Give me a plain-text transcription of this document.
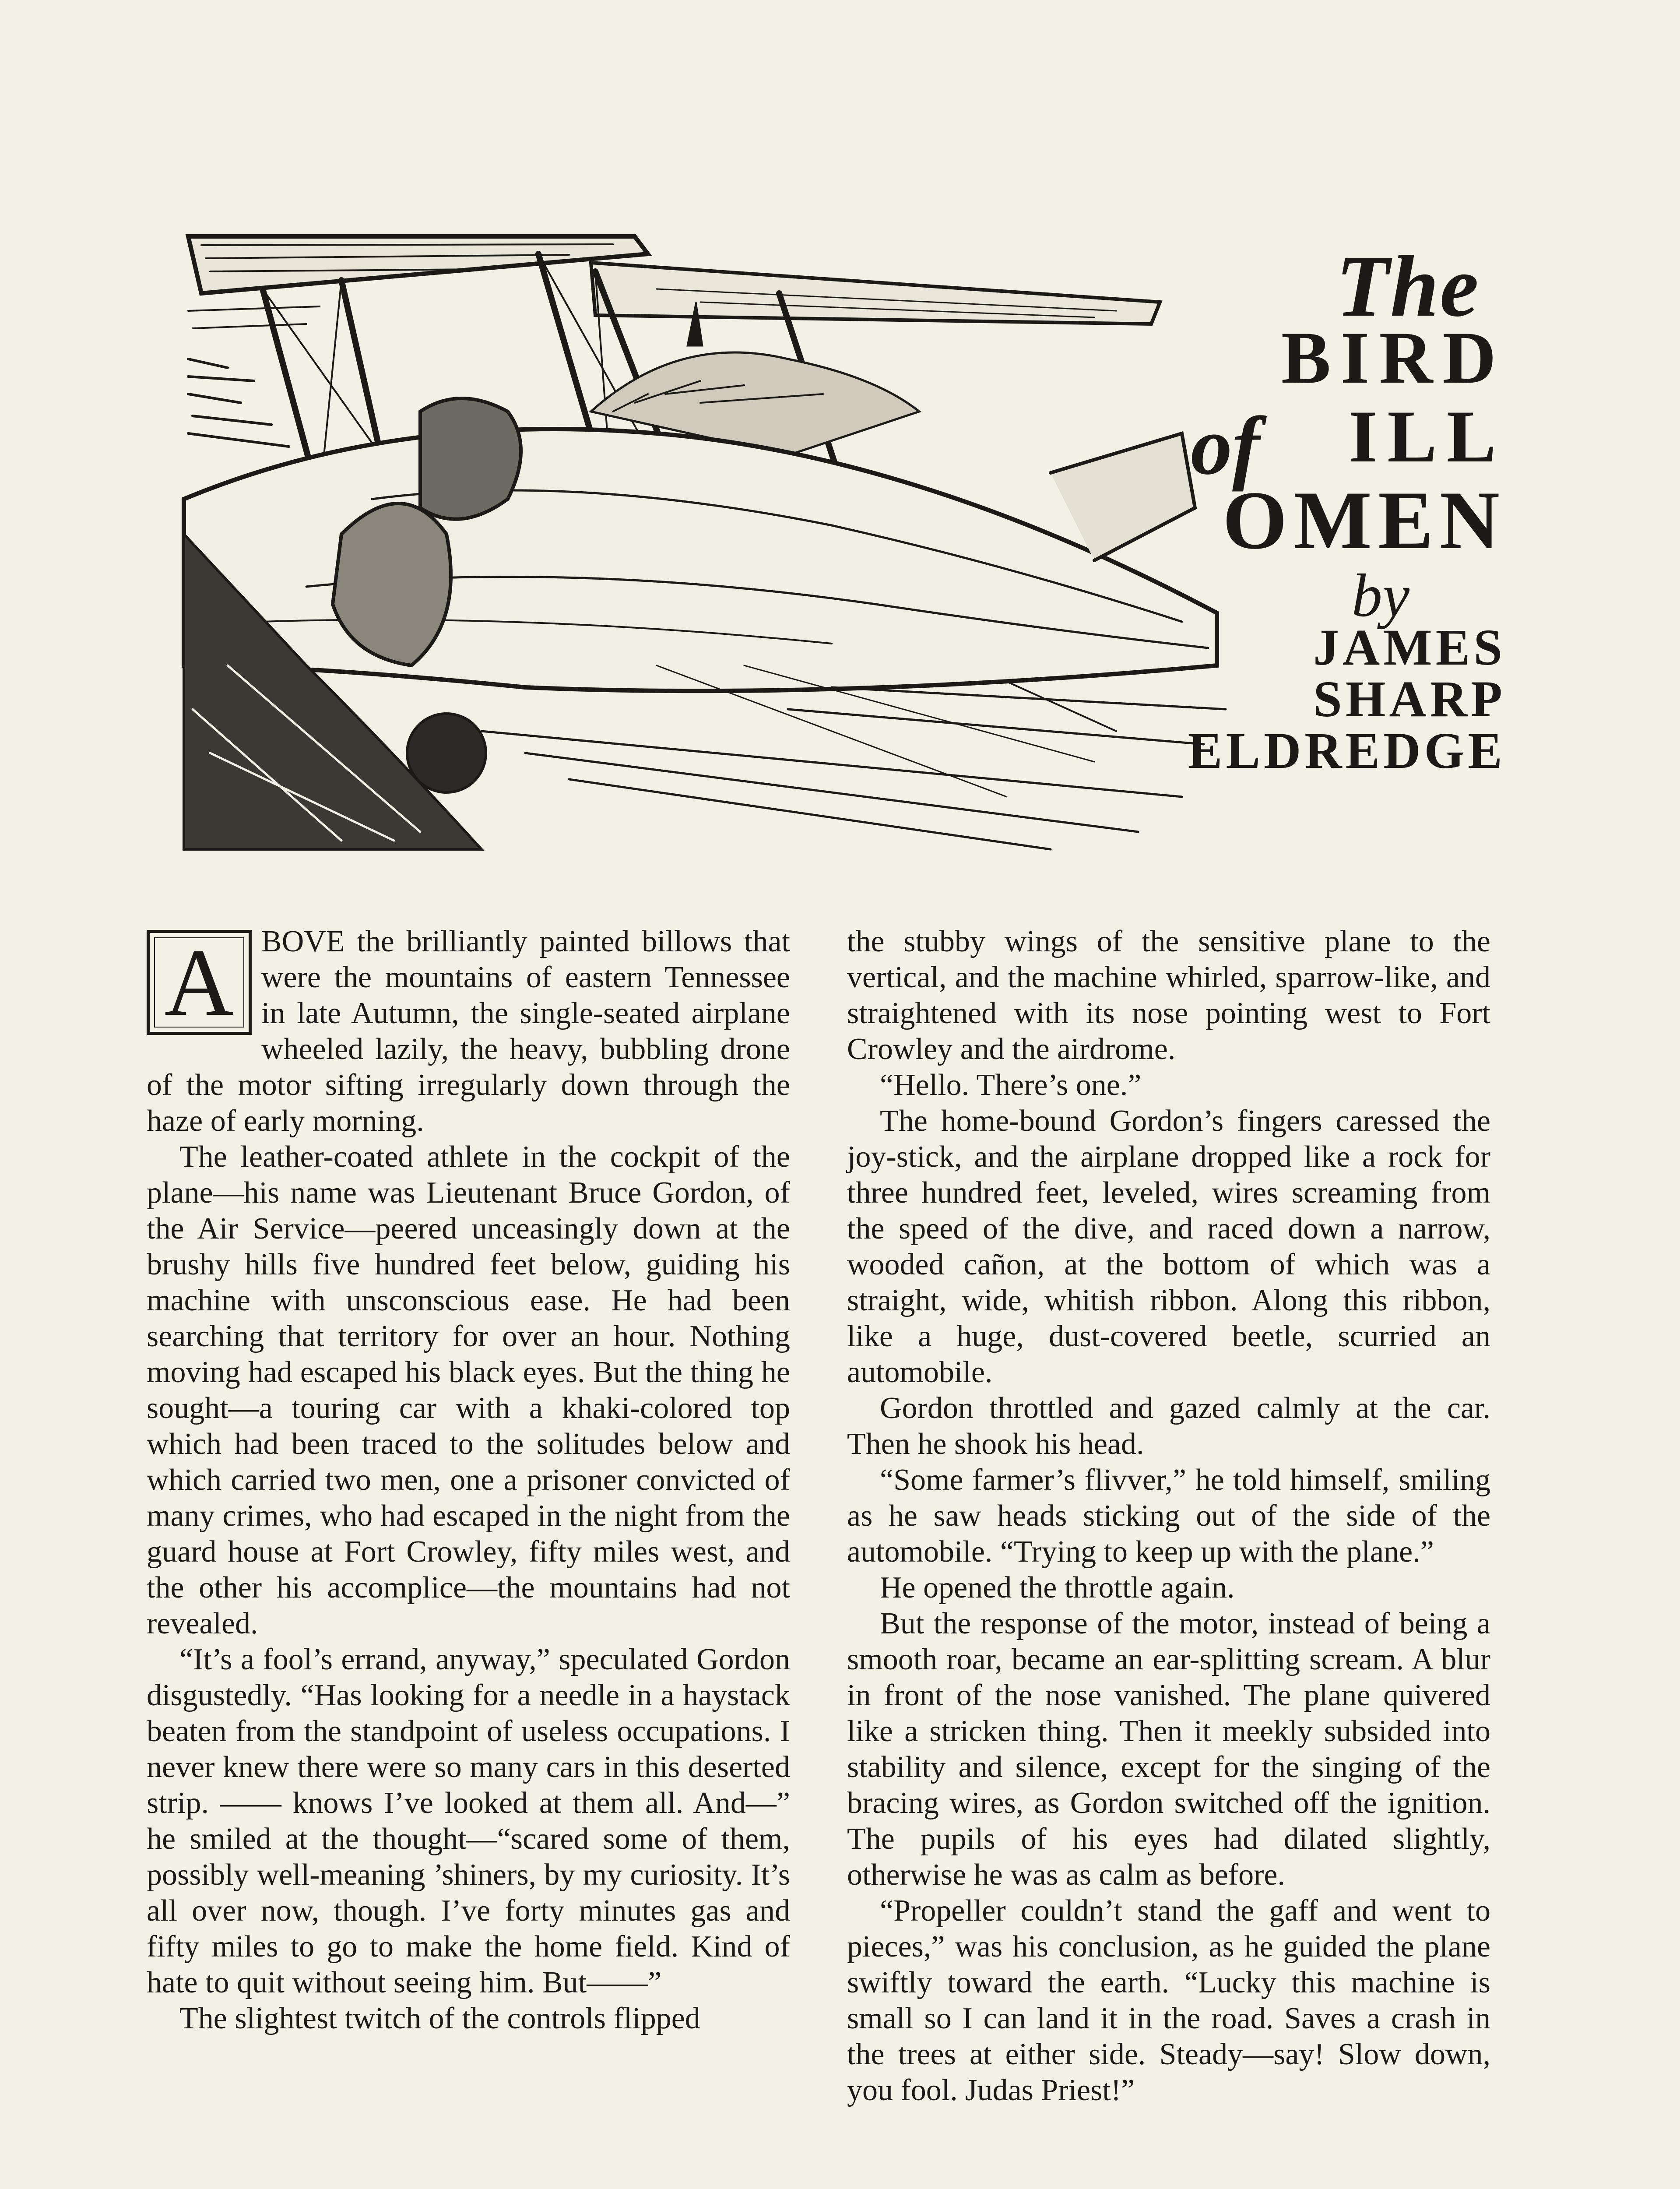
The
BIRD
of ILL
OMEN
by
JAMES
SHARP
ELDREDGE

A BOVE the brilliantly painted billows that were the mountains of eastern Tennessee in late Autumn, the single-seated airplane wheeled lazily, the heavy, bubbling drone of the motor sifting irregularly down through the haze of early morning.

The leather-coated athlete in the cockpit of the plane—his name was Lieutenant Bruce Gordon, of the Air Service—peered unceasingly down at the brushy hills five hundred feet below, guiding his machine with unsconscious ease. He had been searching that territory for over an hour. Nothing moving had escaped his black eyes. But the thing he sought—a touring car with a khaki-colored top which had been traced to the solitudes below and which carried two men, one a prisoner convicted of many crimes, who had escaped in the night from the guard house at Fort Crowley, fifty miles west, and the other his accomplice—the mountains had not revealed.

“It’s a fool’s errand, anyway,” speculated Gordon disgustedly. “Has looking for a needle in a haystack beaten from the standpoint of useless occupations. I never knew there were so many cars in this deserted strip. —— knows I’ve looked at them all. And—” he smiled at the thought—“scared some of them, possibly well-meaning ’shiners, by my curiosity. It’s all over now, though. I’ve forty minutes gas and fifty miles to go to make the home field. Kind of hate to quit without seeing him. But——”

The slightest twitch of the controls flipped

the stubby wings of the sensitive plane to the vertical, and the machine whirled, sparrow-like, and straightened with its nose pointing west to Fort Crowley and the airdrome.

“Hello. There’s one.”

The home-bound Gordon’s fingers caressed the joy-stick, and the airplane dropped like a rock for three hundred feet, leveled, wires screaming from the speed of the dive, and raced down a narrow, wooded cañon, at the bottom of which was a straight, wide, whitish ribbon. Along this ribbon, like a huge, dust-covered beetle, scurried an automobile.

Gordon throttled and gazed calmly at the car. Then he shook his head.

“Some farmer’s flivver,” he told himself, smiling as he saw heads sticking out of the side of the automobile. “Trying to keep up with the plane.”

He opened the throttle again.

But the response of the motor, instead of being a smooth roar, became an ear-splitting scream. A blur in front of the nose vanished. The plane quivered like a stricken thing. Then it meekly subsided into stability and silence, except for the singing of the bracing wires, as Gordon switched off the ignition. The pupils of his eyes had dilated slightly, otherwise he was as calm as before.

“Propeller couldn’t stand the gaff and went to pieces,” was his conclusion, as he guided the plane swiftly toward the earth. “Lucky this machine is small so I can land it in the road. Saves a crash in the trees at either side. Steady—say! Slow down, you fool. Judas Priest!”
